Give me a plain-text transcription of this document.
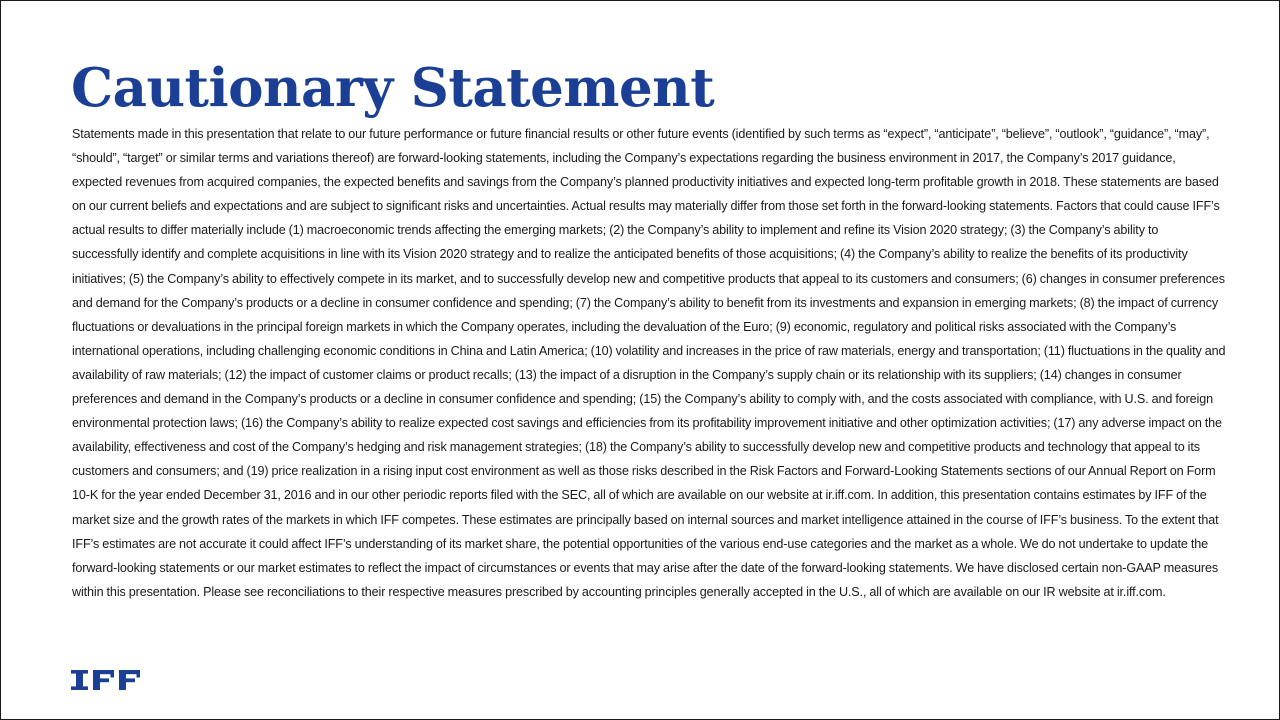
Cautionary Statement

Statements made in this presentation that relate to our future performance or future financial results or other future events (identified by such terms as “expect”, “anticipate”, “believe”, “outlook”, “guidance”, “may”, “should”, “target” or similar terms and variations thereof) are forward-looking statements, including the Company’s expectations regarding the business environment in 2017, the Company’s 2017 guidance, expected revenues from acquired companies, the expected benefits and savings from the Company’s planned productivity initiatives and expected long-term profitable growth in 2018. These statements are based on our current beliefs and expectations and are subject to significant risks and uncertainties. Actual results may materially differ from those set forth in the forward-looking statements. Factors that could cause IFF’s actual results to differ materially include (1) macroeconomic trends affecting the emerging markets; (2) the Company’s ability to implement and refine its Vision 2020 strategy; (3) the Company’s ability to successfully identify and complete acquisitions in line with its Vision 2020 strategy and to realize the anticipated benefits of those acquisitions; (4) the Company’s ability to realize the benefits of its productivity initiatives; (5) the Company’s ability to effectively compete in its market, and to successfully develop new and competitive products that appeal to its customers and consumers; (6) changes in consumer preferences and demand for the Company’s products or a decline in consumer confidence and spending; (7) the Company’s ability to benefit from its investments and expansion in emerging markets; (8) the impact of currency fluctuations or devaluations in the principal foreign markets in which the Company operates, including the devaluation of the Euro; (9) economic, regulatory and political risks associated with the Company’s international operations, including challenging economic conditions in China and Latin America; (10) volatility and increases in the price of raw materials, energy and transportation; (11) fluctuations in the quality and availability of raw materials; (12) the impact of customer claims or product recalls; (13) the impact of a disruption in the Company’s supply chain or its relationship with its suppliers; (14) changes in consumer preferences and demand in the Company’s products or a decline in consumer confidence and spending; (15) the Company’s ability to comply with, and the costs associated with compliance, with U.S. and foreign environmental protection laws; (16) the Company’s ability to realize expected cost savings and efficiencies from its profitability improvement initiative and other optimization activities; (17) any adverse impact on the availability, effectiveness and cost of the Company’s hedging and risk management strategies; (18) the Company’s ability to successfully develop new and competitive products and technology that appeal to its customers and consumers; and (19) price realization in a rising input cost environment as well as those risks described in the Risk Factors and Forward-Looking Statements sections of our Annual Report on Form 10-K for the year ended December 31, 2016 and in our other periodic reports filed with the SEC, all of which are available on our website at ir.iff.com. In addition, this presentation contains estimates by IFF of the market size and the growth rates of the markets in which IFF competes. These estimates are principally based on internal sources and market intelligence attained in the course of IFF’s business. To the extent that IFF’s estimates are not accurate it could affect IFF’s understanding of its market share, the potential opportunities of the various end-use categories and the market as a whole. We do not undertake to update the forward-looking statements or our market estimates to reflect the impact of circumstances or events that may arise after the date of the forward-looking statements. We have disclosed certain non-GAAP measures within this presentation. Please see reconciliations to their respective measures prescribed by accounting principles generally accepted in the U.S., all of which are available on our IR website at ir.iff.com.
